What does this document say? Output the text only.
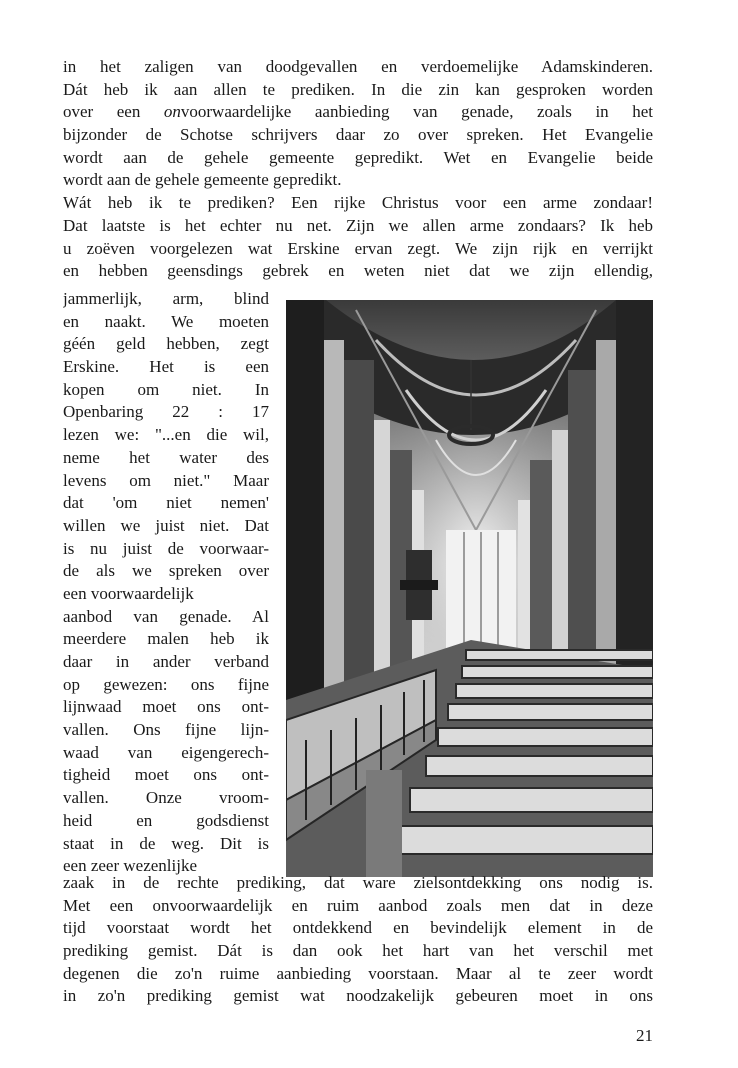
in het zaligen van doodgevallen en verdoemelijke Adamskinderen.
Dát heb ik aan allen te prediken. In die zin kan gesproken worden
over een onvoorwaardelijke aanbieding van genade, zoals in het
bijzonder de Schotse schrijvers daar zo over spreken. Het Evangelie
wordt aan de gehele gemeente gepredikt. Wet en Evangelie beide
wordt aan de gehele gemeente gepredikt.
Wát heb ik te prediken? Een rijke Christus voor een arme zondaar!
Dat laatste is het echter nu net. Zijn we allen arme zondaars? Ik heb
u zoëven voorgelezen wat Erskine ervan zegt. We zijn rijk en verrijkt
en hebben geensdings gebrek en weten niet dat we zijn ellendig,
jammerlijk, arm, blind
en naakt. We moeten
géén geld hebben, zegt
Erskine. Het is een
kopen om niet. In
Openbaring 22 : 17
lezen we: "...en die wil,
neme het water des
levens om niet." Maar
dat 'om niet nemen'
willen we juist niet. Dat
is nu juist de voorwaar-
de als we spreken over
een voorwaardelijk
aanbod van genade. Al
meerdere malen heb ik
daar in ander verband
op gewezen: ons fijne
lijnwaad moet ons ont-
vallen. Ons fijne lijn-
waad van eigengerech-
tigheid moet ons ont-
vallen. Onze vroom-
heid en godsdienst
staat in de weg. Dit is
een zeer wezenlijke
zaak in de rechte prediking, dat ware zielsontdekking ons nodig is.
Met een onvoorwaardelijk en ruim aanbod zoals men dat in deze
tijd voorstaat wordt het ontdekkend en bevindelijk element in de
prediking gemist. Dát is dan ook het hart van het verschil met
degenen die zo'n ruime aanbieding voorstaan. Maar al te zeer wordt
in zo'n prediking gemist wat noodzakelijk gebeuren moet in ons
21
